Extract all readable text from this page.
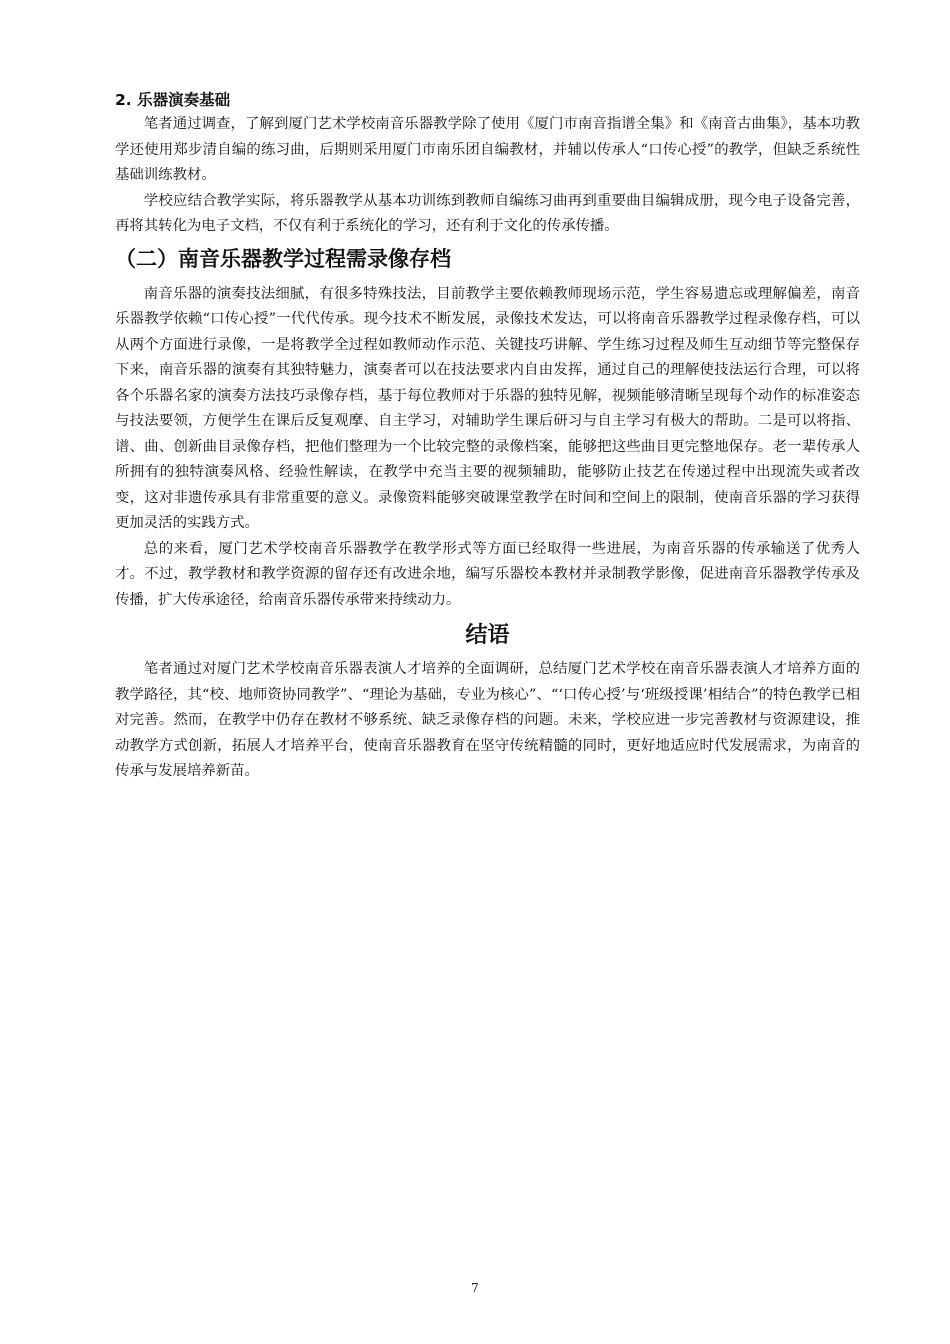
2. 乐器演奏基础

笔者通过调查，了解到厦门艺术学校南音乐器教学除了使用《厦门市南音指谱全集》和《南音古曲集》，基本功教学还使用郑步清自编的练习曲，后期则采用厦门市南乐团自编教材，并辅以传承人“口传心授”的教学，但缺乏系统性基础训练教材。

学校应结合教学实际，将乐器教学从基本功训练到教师自编练习曲再到重要曲目编辑成册，现今电子设备完善，再将其转化为电子文档，不仅有利于系统化的学习，还有利于文化的传承传播。

（二）南音乐器教学过程需录像存档

南音乐器的演奏技法细腻，有很多特殊技法，目前教学主要依赖教师现场示范，学生容易遗忘或理解偏差，南音乐器教学依赖“口传心授”一代代传承。现今技术不断发展，录像技术发达，可以将南音乐器教学过程录像存档，可以从两个方面进行录像，一是将教学全过程如教师动作示范、关键技巧讲解、学生练习过程及师生互动细节等完整保存下来，南音乐器的演奏有其独特魅力，演奏者可以在技法要求内自由发挥，通过自己的理解使技法运行合理，可以将各个乐器名家的演奏方法技巧录像存档，基于每位教师对于乐器的独特见解，视频能够清晰呈现每个动作的标准姿态与技法要领，方便学生在课后反复观摩、自主学习，对辅助学生课后研习与自主学习有极大的帮助。二是可以将指、谱、曲、创新曲目录像存档，把他们整理为一个比较完整的录像档案，能够把这些曲目更完整地保存。老一辈传承人所拥有的独特演奏风格、经验性解读，在教学中充当主要的视频辅助，能够防止技艺在传递过程中出现流失或者改变，这对非遗传承具有非常重要的意义。录像资料能够突破课堂教学在时间和空间上的限制，使南音乐器的学习获得更加灵活的实践方式。

总的来看，厦门艺术学校南音乐器教学在教学形式等方面已经取得一些进展，为南音乐器的传承输送了优秀人才。不过，教学教材和教学资源的留存还有改进余地，编写乐器校本教材并录制教学影像，促进南音乐器教学传承及传播，扩大传承途径，给南音乐器传承带来持续动力。

结语

笔者通过对厦门艺术学校南音乐器表演人才培养的全面调研，总结厦门艺术学校在南音乐器表演人才培养方面的教学路径，其“校、地师资协同教学”、“理论为基础，专业为核心”、“‘口传心授’与‘班级授课’相结合”的特色教学已相对完善。然而，在教学中仍存在教材不够系统、缺乏录像存档的问题。未来，学校应进一步完善教材与资源建设，推动教学方式创新，拓展人才培养平台，使南音乐器教育在坚守传统精髓的同时，更好地适应时代发展需求，为南音的传承与发展培养新苗。

7
